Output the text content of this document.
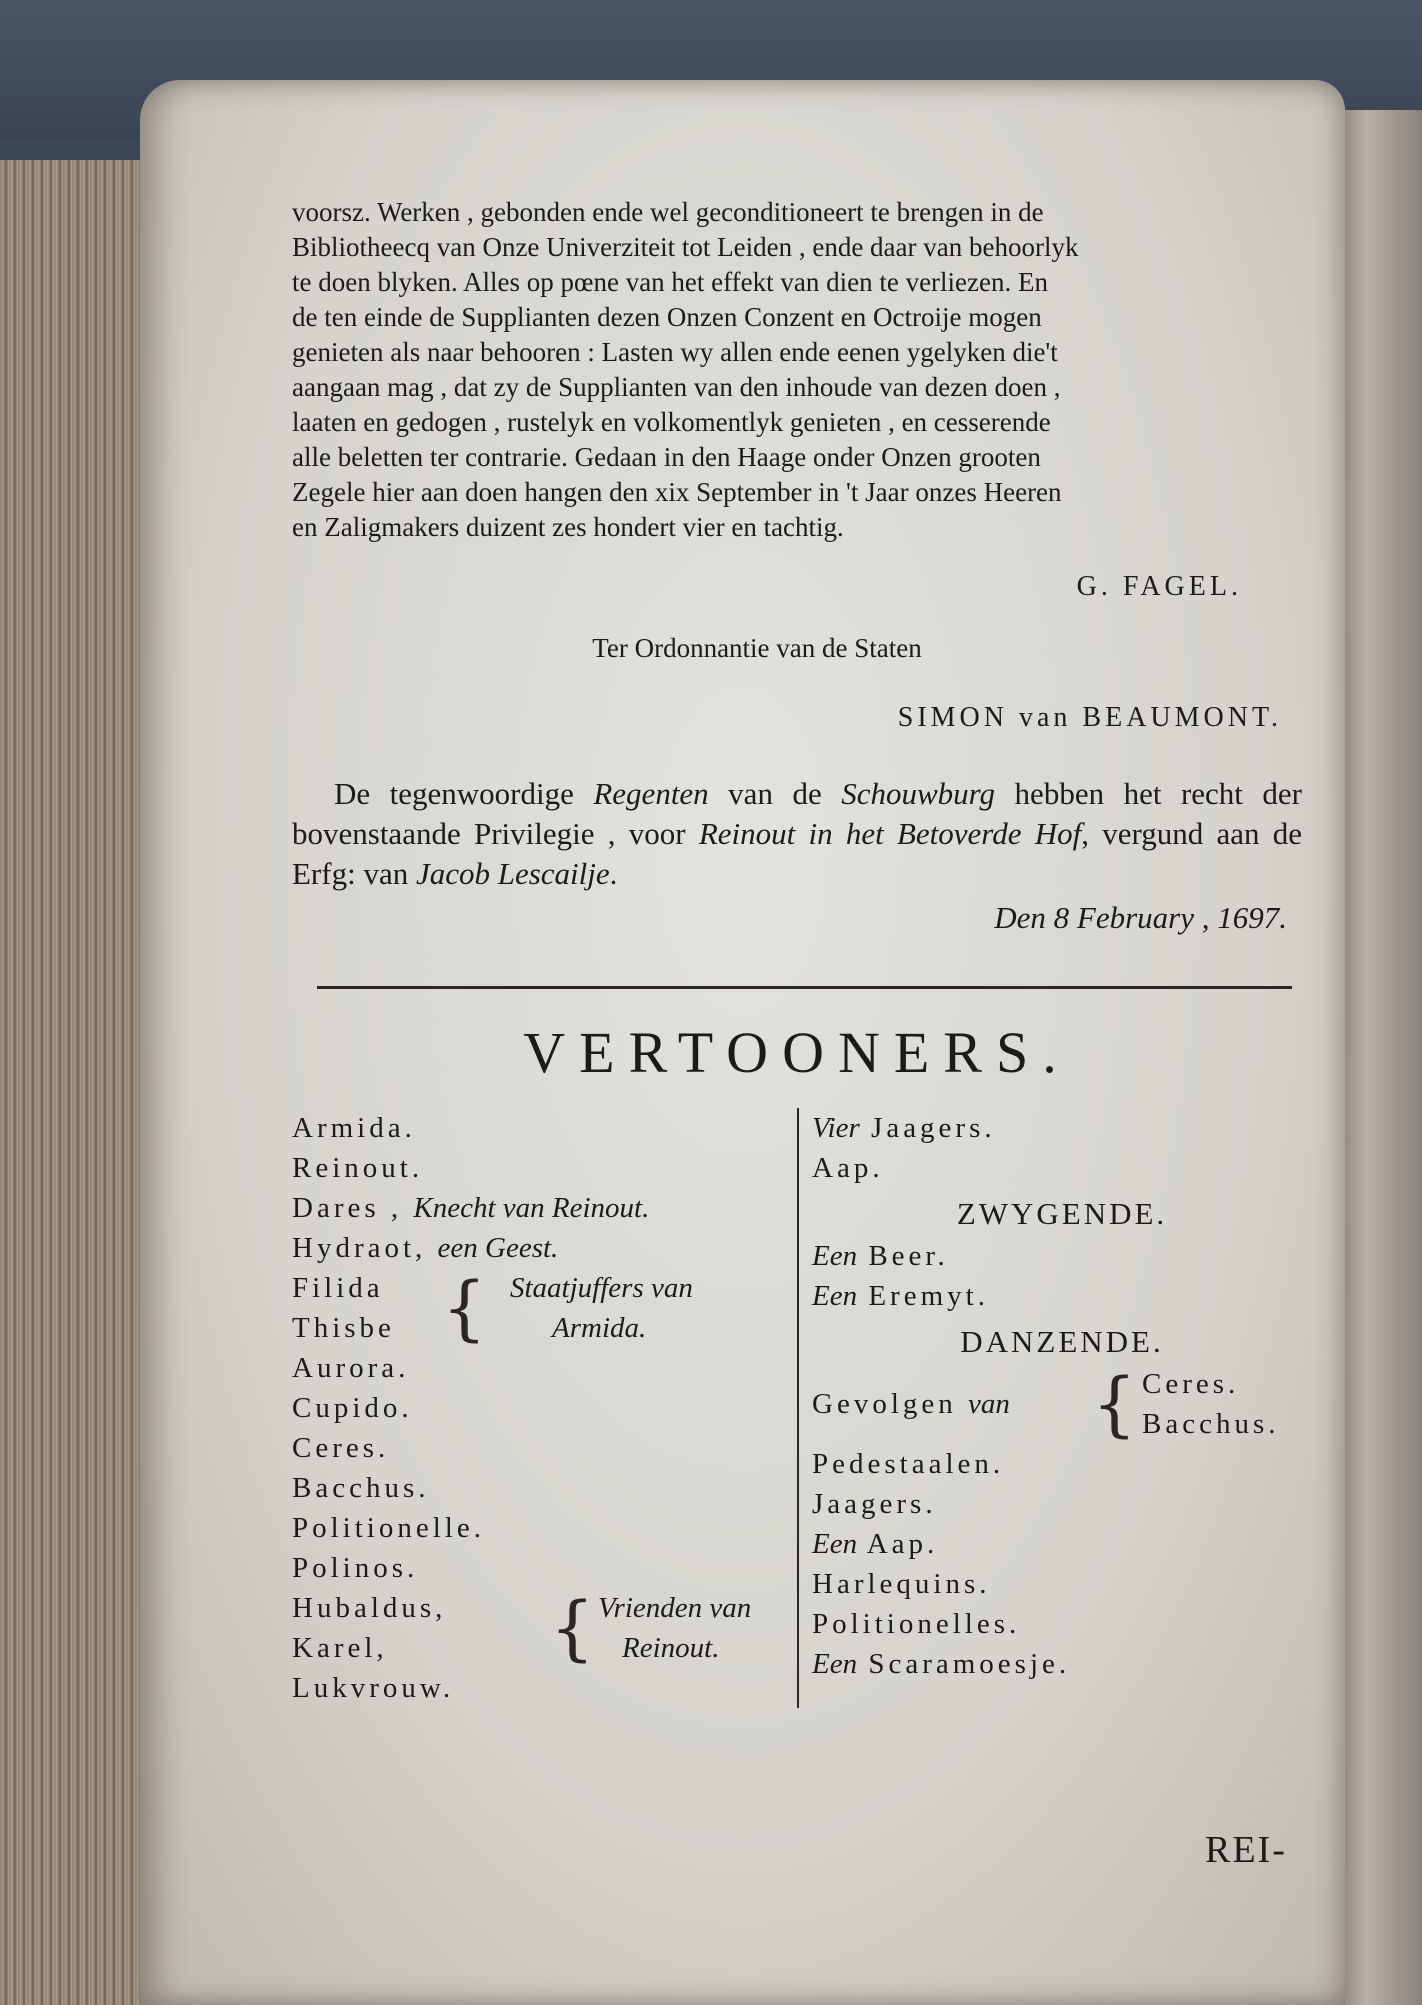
voorsz. Werken , gebonden ende wel geconditioneert te brengen in de

Bibliotheecq van Onze Univerziteit tot Leiden , ende daar van behoorlyk

te doen blyken. Alles op pœne van het effekt van dien te verliezen. En

de ten einde de Supplianten dezen Onzen Conzent en Octroije mogen

genieten als naar behooren : Lasten wy allen ende eenen ygelyken die't

aangaan mag , dat zy de Supplianten van den inhoude van dezen doen ,

laaten en gedogen , rustelyk en volkomentlyk genieten , en cesserende

alle beletten ter contrarie. Gedaan in den Haage onder Onzen grooten

Zegele hier aan doen hangen den xix September in 't Jaar onzes Heeren

en Zaligmakers duizent zes hondert vier en tachtig.

G. FAGEL.
Ter Ordonnantie van de Staten
SIMON van BEAUMONT.
De tegenwoordige Regenten van de Schouwburg hebben het recht der bovenstaande Privilegie , voor Reinout in het Betoverde Hof, vergund aan de Erfg: van Jacob Lescailje.
Den 8 February , 1697.
VERTOONERS.
Armida.
Reinout.
Dares , Knecht van Reinout.
Hydraot, een Geest.
Filida
Thisbe { Staatjuffers van
Armida.
Aurora.
Cupido.
Ceres.
Bacchus.
Politionelle.
Polinos.
Hubaldus,
Karel, { Vrienden van
Reinout.
Lukvrouw.
Vier Jaagers.
Aap.
ZWYGENDE.
Een Beer.
Een Eremyt.
DANZENDE.
Gevolgen van { Ceres.
Bacchus.
Pedestaalen.
Jaagers.
Een Aap.
Harlequins.
Politionelles.
Een Scaramoesje.
REI-
